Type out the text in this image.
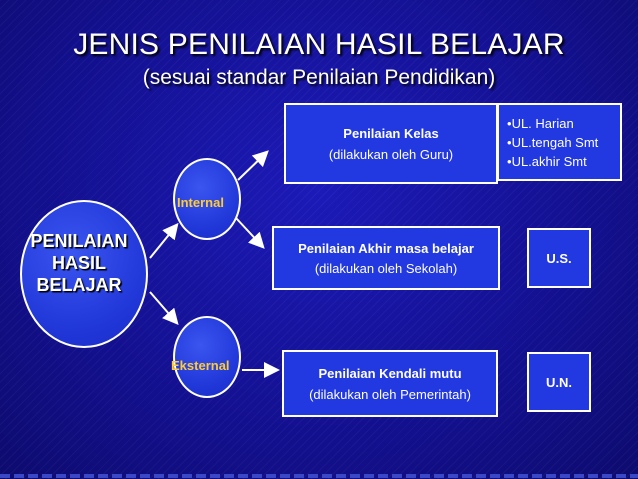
JENIS PENILAIAN HASIL BELAJAR
(sesuai standar Penilaian Pendidikan)
PENILAIAN
HASIL
BELAJAR
Internal
Eksternal
Penilaian Kelas
(dilakukan oleh Guru)
Penilaian Akhir masa belajar
(dilakukan oleh Sekolah)
Penilaian Kendali mutu
(dilakukan oleh Pemerintah)
•UL. Harian
•UL.tengah Smt
•UL.akhir Smt
U.S.
U.N.
